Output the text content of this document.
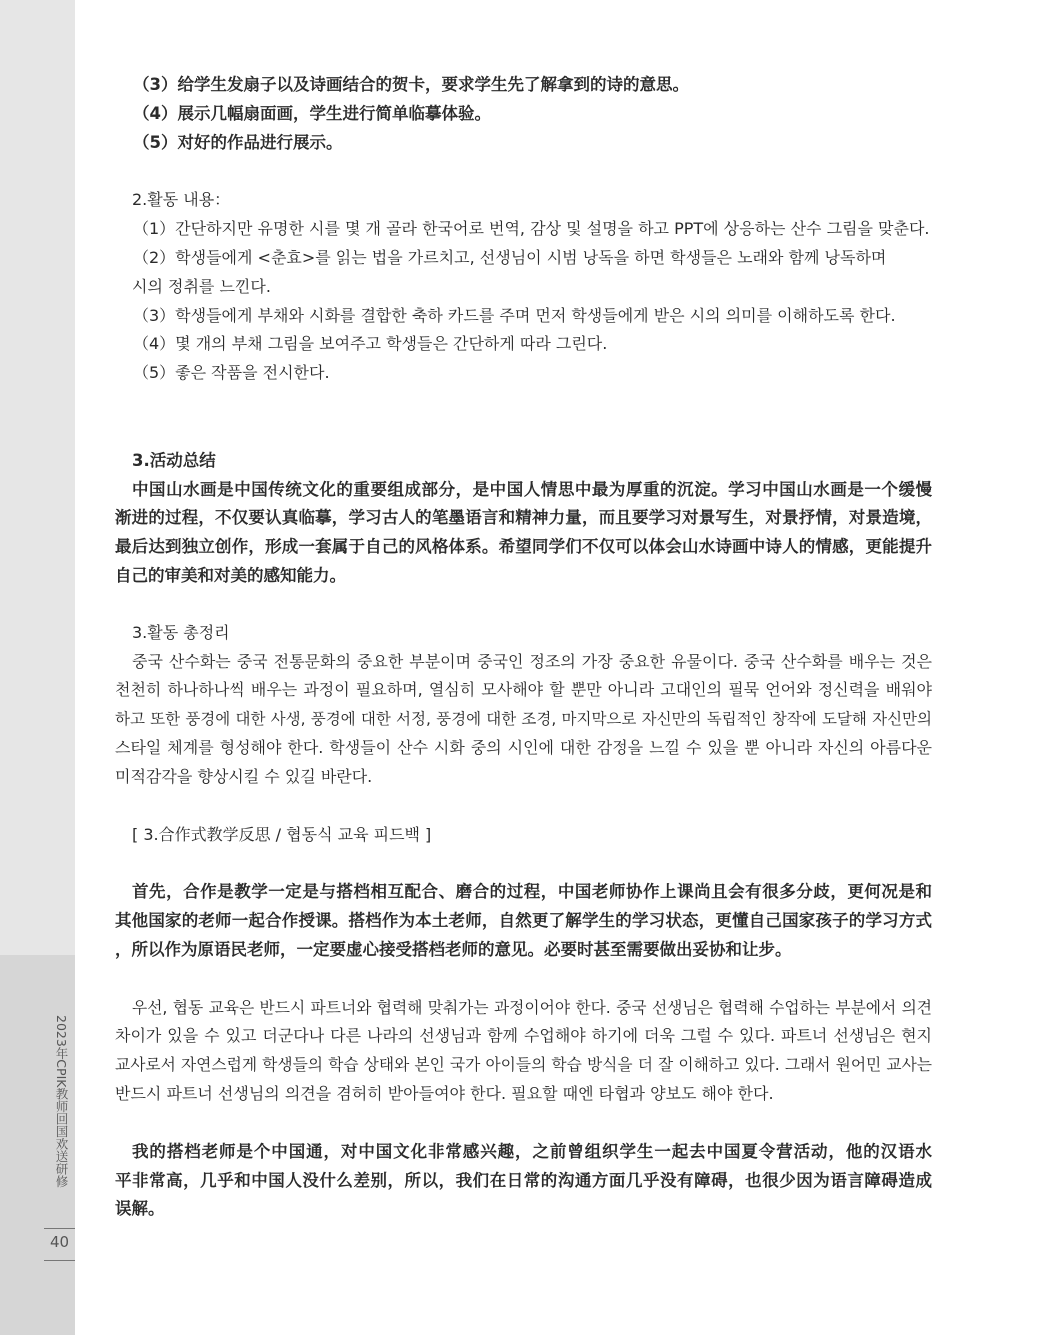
2023年CPIK教师回国欢送研修
40
（3）给学生发扇子以及诗画结合的贺卡，要求学生先了解拿到的诗的意思。
（4）展示几幅扇面画，学生进行简单临摹体验。
（5）对好的作品进行展示。
2.활동 내용：
（1）간단하지만 유명한 시를 몇 개 골라 한국어로 번역, 감상 및 설명을 하고 PPT에 상응하는 산수 그림을 맞춘다.
（2）학생들에게 <춘효>를 읽는 법을 가르치고, 선생님이 시범 낭독을 하면 학생들은 노래와 함께 낭독하며
시의 정취를 느낀다.
（3）학생들에게 부채와 시화를 결합한 축하 카드를 주며 먼저 학생들에게 받은 시의 의미를 이해하도록 한다.
（4）몇 개의 부채 그림을 보여주고 학생들은 간단하게 따라 그린다.
（5）좋은 작품을 전시한다.
3.活动总结
中国山水画是中国传统文化的重要组成部分，是中国人情思中最为厚重的沉淀。学习中国山水画是一个缓慢
渐进的过程，不仅要认真临摹，学习古人的笔墨语言和精神力量，而且要学习对景写生，对景抒情，对景造境，
最后达到独立创作，形成一套属于自己的风格体系。希望同学们不仅可以体会山水诗画中诗人的情感，更能提升
自己的审美和对美的感知能力。
3.활동 총정리
중국 산수화는 중국 전통문화의 중요한 부분이며 중국인 정조의 가장 중요한 유물이다. 중국 산수화를 배우는 것은
천천히 하나하나씩 배우는 과정이 필요하며, 열심히 모사해야 할 뿐만 아니라 고대인의 필묵 언어와 정신력을 배워야
하고 또한 풍경에 대한 사생, 풍경에 대한 서정, 풍경에 대한 조경, 마지막으로 자신만의 독립적인 창작에 도달해 자신만의
스타일 체계를 형성해야 한다. 학생들이 산수 시화 중의 시인에 대한 감정을 느낄 수 있을 뿐 아니라 자신의 아름다운
미적감각을 향상시킬 수 있길 바란다.
[ 3.合作式教学反思 / 협동식 교육 피드백 ]
首先，合作是教学一定是与搭档相互配合、磨合的过程，中国老师协作上课尚且会有很多分歧，更何况是和
其他国家的老师一起合作授课。搭档作为本土老师，自然更了解学生的学习状态，更懂自己国家孩子的学习方式
，所以作为原语民老师，一定要虚心接受搭档老师的意见。必要时甚至需要做出妥协和让步。
우선, 협동 교육은 반드시 파트너와 협력해 맞춰가는 과정이어야 한다. 중국 선생님은 협력해 수업하는 부분에서 의견
차이가 있을 수 있고 더군다나 다른 나라의 선생님과 함께 수업해야 하기에 더욱 그럴 수 있다. 파트너 선생님은 현지
교사로서 자연스럽게 학생들의 학습 상태와 본인 국가 아이들의 학습 방식을 더 잘 이해하고 있다. 그래서 원어민 교사는
반드시 파트너 선생님의 의견을 겸허히 받아들여야 한다. 필요할 때엔 타협과 양보도 해야 한다.
我的搭档老师是个中国通，对中国文化非常感兴趣，之前曾组织学生一起去中国夏令营活动，他的汉语水
平非常高，几乎和中国人没什么差别，所以，我们在日常的沟通方面几乎没有障碍，也很少因为语言障碍造成
误解。
